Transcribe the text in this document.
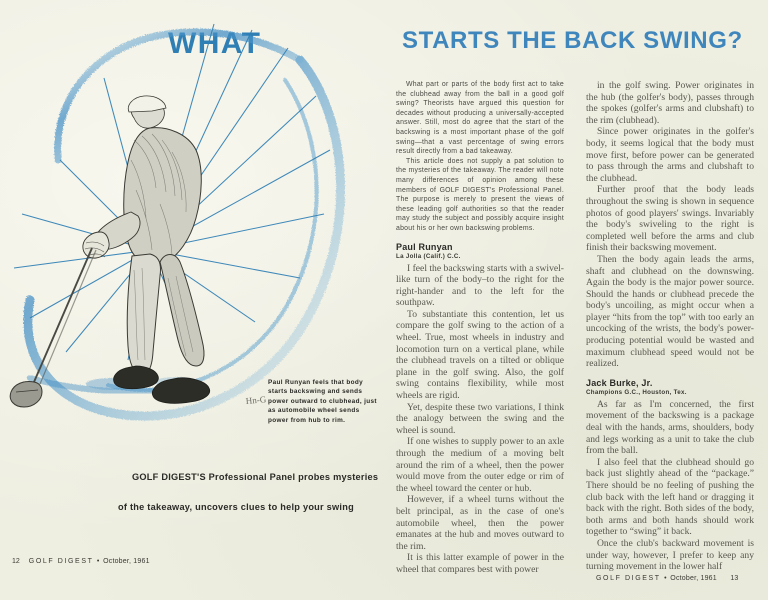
WHAT
Hn-G
Paul Runyan feels that body starts backswing and sends power outward to clubhead, just as automobile wheel sends power from hub to rim.
GOLF DIGEST'S Professional Panel probes mysteries
of the takeaway, uncovers clues to help your swing
12 GOLF DIGEST • October, 1961
STARTS THE BACK SWING?

What part or parts of the body first act to take the clubhead away from the ball in a good golf swing? Theorists have argued this question for decades without producing a universally-accepted answer. Still, most do agree that the start of the backswing is a most important phase of the golf swing—that a vast percentage of swing errors result directly from a bad takeaway.

This article does not supply a pat solution to the mysteries of the takeaway. The reader will note many differences of opinion among these members of GOLF DIGEST's Professional Panel. The purpose is merely to present the views of these leading golf authorities so that the reader may study the subject and possibly acquire insight about his or her own backswing problems.

Paul Runyan
La Jolla (Calif.) C.C.

I feel the backswing starts with a swivel-like turn of the body–to the right for the right-hander and to the left for the southpaw.

To substantiate this contention, let us compare the golf swing to the action of a wheel. True, most wheels in industry and locomotion turn on a vertical plane, while the clubhead travels on a tilted or oblique plane in the golf swing. Also, the golf swing contains flexibility, while most wheels are rigid.

Yet, despite these two variations, I think the analogy between the swing and the wheel is sound.

If one wishes to supply power to an axle through the medium of a moving belt around the rim of a wheel, then the power would move from the outer edge or rim of the wheel toward the center or hub.

However, if a wheel turns without the belt principal, as in the case of one's automobile wheel, then the power emanates at the hub and moves outward to the rim.

It is this latter example of power in the wheel that compares best with power

in the golf swing. Power originates in the hub (the golfer's body), passes through the spokes (golfer's arms and clubshaft) to the rim (clubhead).

Since power originates in the golfer's body, it seems logical that the body must move first, before power can be generated to pass through the arms and clubshaft to the clubhead.

Further proof that the body leads throughout the swing is shown in sequence photos of good players' swings. Invariably the body's swiveling to the right is completed well before the arms and club finish their backswing movement.

Then the body again leads the arms, shaft and clubhead on the downswing. Again the body is the major power source. Should the hands or clubhead precede the body's uncoiling, as might occur when a player “hits from the top” with too early an uncocking of the wrists, the body's power-producing potential would be wasted and maximum clubhead speed would not be realized.

Jack Burke, Jr.
Champions G.C., Houston, Tex.

As far as I'm concerned, the first movement of the backswing is a package deal with the hands, arms, shoulders, body and legs working as a unit to take the club from the ball.

I also feel that the clubhead should go back just slightly ahead of the “package.” There should be no feeling of pushing the club back with the left hand or dragging it back with the right. Both sides of the body, both arms and both hands should work together to “swing” it back.

Once the club's backward movement is under way, however, I prefer to keep any turning movement in the lower half

GOLF DIGEST • October, 1961 13
